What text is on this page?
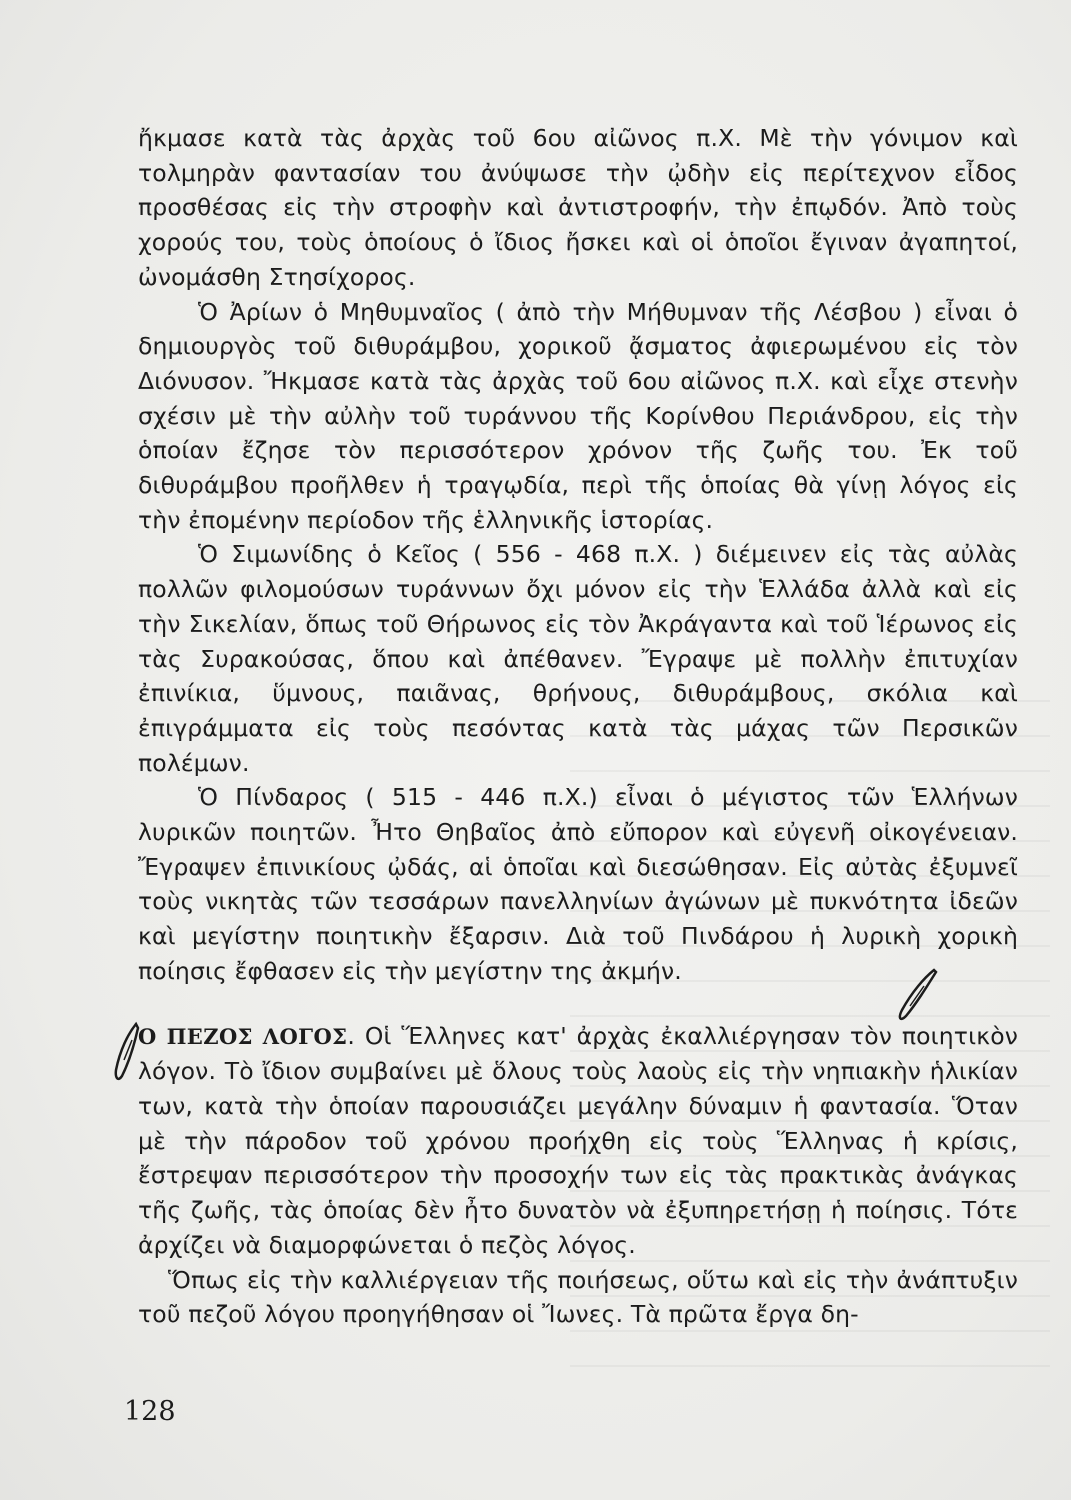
ἤκμασε κατὰ τὰς ἀρχὰς τοῦ 6ου αἰῶνος π.Χ. Μὲ τὴν γόνιμον καὶ τολμηρὰν φαντασίαν του ἀνύψωσε τὴν ᾠδὴν εἰς περίτεχνον εἶδος προσθέσας εἰς τὴν στροφὴν καὶ ἀντιστροφήν, τὴν ἐπῳδόν. Ἀπὸ τοὺς χορούς του, τοὺς ὁποίους ὁ ἴδιος ἤσκει καὶ οἱ ὁποῖοι ἔγιναν ἀγαπητοί, ὠνομάσθη Στησίχορος.

Ὁ Ἀρίων ὁ Μηθυμναῖος ( ἀπὸ τὴν Μήθυμναν τῆς Λέσβου ) εἶναι ὁ δημιουργὸς τοῦ διθυράμβου, χορικοῦ ᾄσματος ἀφιερωμένου εἰς τὸν Διόνυσον. Ἤκμασε κατὰ τὰς ἀρχὰς τοῦ 6ου αἰῶνος π.Χ. καὶ εἶχε στενὴν σχέσιν μὲ τὴν αὐλὴν τοῦ τυράννου τῆς Κορίνθου Περιάνδρου, εἰς τὴν ὁποίαν ἔζησε τὸν περισσότερον χρόνον τῆς ζωῆς του. Ἐκ τοῦ διθυράμβου προῆλθεν ἡ τραγῳδία, περὶ τῆς ὁποίας θὰ γίνῃ λόγος εἰς τὴν ἐπομένην περίοδον τῆς ἑλληνικῆς ἱστορίας.

Ὁ Σιμωνίδης ὁ Κεῖος ( 556 - 468 π.Χ. ) διέμεινεν εἰς τὰς αὐλὰς πολλῶν φιλομούσων τυράννων ὄχι μόνον εἰς τὴν Ἑλλάδα ἀλλὰ καὶ εἰς τὴν Σικελίαν, ὅπως τοῦ Θήρωνος εἰς τὸν Ἀκράγαντα καὶ τοῦ Ἱέρωνος εἰς τὰς Συρακούσας, ὅπου καὶ ἀπέθανεν. Ἔγραψε μὲ πολλὴν ἐπιτυχίαν ἐπινίκια, ὕμνους, παιᾶνας, θρήνους, διθυράμβους, σκόλια καὶ ἐπιγράμματα εἰς τοὺς πεσόντας κατὰ τὰς μάχας τῶν Περσικῶν πολέμων.

Ὁ Πίνδαρος ( 515 - 446 π.Χ.) εἶναι ὁ μέγιστος τῶν Ἑλλήνων λυρικῶν ποιητῶν. Ἦτο Θηβαῖος ἀπὸ εὔπορον καὶ εὐγενῆ οἰκογένειαν. Ἔγραψεν ἐπινικίους ᾠδάς, αἱ ὁποῖαι καὶ διεσώθησαν. Εἰς αὐτὰς ἐξυμνεῖ τοὺς νικητὰς τῶν τεσσάρων πανελληνίων ἀγώνων μὲ πυκνότητα ἰδεῶν καὶ μεγίστην ποιητικὴν ἔξαρσιν. Διὰ τοῦ Πινδάρου ἡ λυρικὴ χορικὴ ποίησις ἔφθασεν εἰς τὴν μεγίστην της ἀκμήν.

Ο ΠΕΖΟΣ ΛΟΓΟΣ. Οἱ Ἕλληνες κατ' ἀρχὰς ἐκαλλιέργησαν τὸν ποιητικὸν λόγον. Τὸ ἴδιον συμβαίνει μὲ ὅλους τοὺς λαοὺς εἰς τὴν νηπιακὴν ἡλικίαν των, κατὰ τὴν ὁποίαν παρουσιάζει μεγάλην δύναμιν ἡ φαντασία. Ὅταν μὲ τὴν πάροδον τοῦ χρόνου προήχθη εἰς τοὺς Ἕλληνας ἡ κρίσις, ἔστρεψαν περισσότερον τὴν προσοχήν των εἰς τὰς πρακτικὰς ἀνάγκας τῆς ζωῆς, τὰς ὁποίας δὲν ἦτο δυνατὸν νὰ ἐξυπηρετήσῃ ἡ ποίησις. Τότε ἀρχίζει νὰ διαμορφώνεται ὁ πεζὸς λόγος.

Ὅπως εἰς τὴν καλλιέργειαν τῆς ποιήσεως, οὕτω καὶ εἰς τὴν ἀνάπτυξιν τοῦ πεζοῦ λόγου προηγήθησαν οἱ Ἴωνες. Τὰ πρῶτα ἔργα δη-

128
